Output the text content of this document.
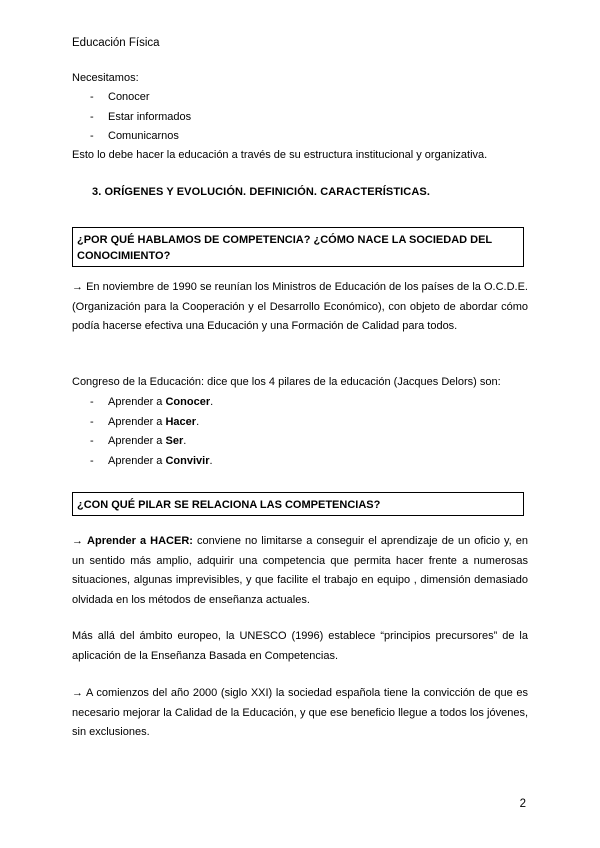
Educación Física
Necesitamos:
- Conocer
- Estar informados
- Comunicarnos
Esto lo debe hacer la educación a través de su estructura institucional y organizativa.
3. ORÍGENES Y EVOLUCIÓN. DEFINICIÓN. CARACTERÍSTICAS.
¿POR QUÉ HABLAMOS DE COMPETENCIA? ¿CÓMO NACE LA SOCIEDAD DEL CONOCIMIENTO?
→ En noviembre de 1990 se reunían los Ministros de Educación de los países de la O.C.D.E. (Organización para la Cooperación y el Desarrollo Económico), con objeto de abordar cómo podía hacerse efectiva una Educación y una Formación de Calidad para todos.
Congreso de la Educación: dice que los 4 pilares de la educación (Jacques Delors) son:
- Aprender a Conocer.
- Aprender a Hacer.
- Aprender a Ser.
- Aprender a Convivir.
¿CON QUÉ PILAR SE RELACIONA LAS COMPETENCIAS?
→ Aprender a HACER: conviene no limitarse a conseguir el aprendizaje de un oficio y, en un sentido más amplio, adquirir una competencia que permita hacer frente a numerosas situaciones, algunas imprevisibles, y que facilite el trabajo en equipo , dimensión demasiado olvidada en los métodos de enseñanza actuales.
Más allá del ámbito europeo, la UNESCO (1996) establece “principios precursores” de la aplicación de la Enseñanza Basada en Competencias.
→ A comienzos del año 2000 (siglo XXI) la sociedad española tiene la convicción de que es necesario mejorar la Calidad de la Educación, y que ese beneficio llegue a todos los jóvenes, sin exclusiones.
2
